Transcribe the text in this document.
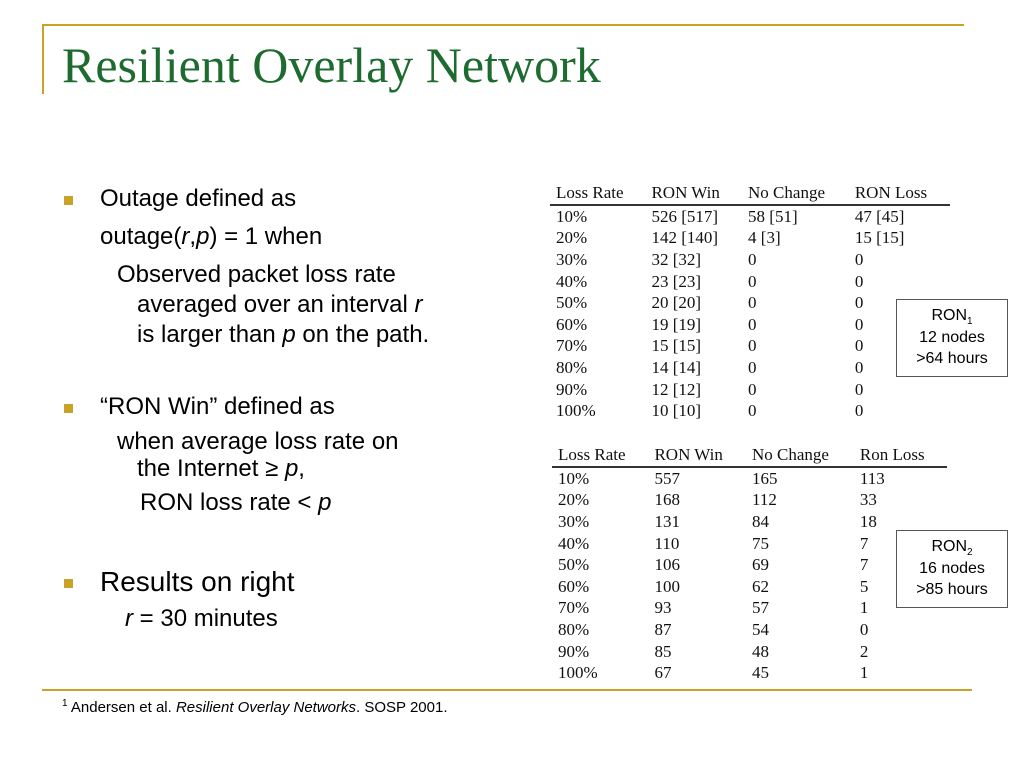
Resilient Overlay Network
Outage defined as
outage(r,p) = 1 when
Observed packet loss rate
averaged over an interval r
is larger than p on the path.
“RON Win” defined as
when average loss rate on
the Internet ≥ p,
RON loss rate < p
Results on right
r = 30 minutes
Loss Rate	RON Win	No Change	RON Loss
10%	526 [517]	58 [51]	47 [45]
20%	142 [140]	4 [3]	15 [15]
30%	32 [32]	0	0
40%	23 [23]	0	0
50%	20 [20]	0	0
60%	19 [19]	0	0
70%	15 [15]	0	0
80%	14 [14]	0	0
90%	12 [12]	0	0
100%	10 [10]	0	0
Loss Rate	RON Win	No Change	Ron Loss
10%	557	165	113
20%	168	112	33
30%	131	84	18
40%	110	75	7
50%	106	69	7
60%	100	62	5
70%	93	57	1
80%	87	54	0
90%	85	48	2
100%	67	45	1
$RON_1$
12 nodes
>64 hours
$RON_2$
16 nodes
>85 hours
$^1$ Andersen et al. Resilient Overlay Networks. SOSP 2001.
